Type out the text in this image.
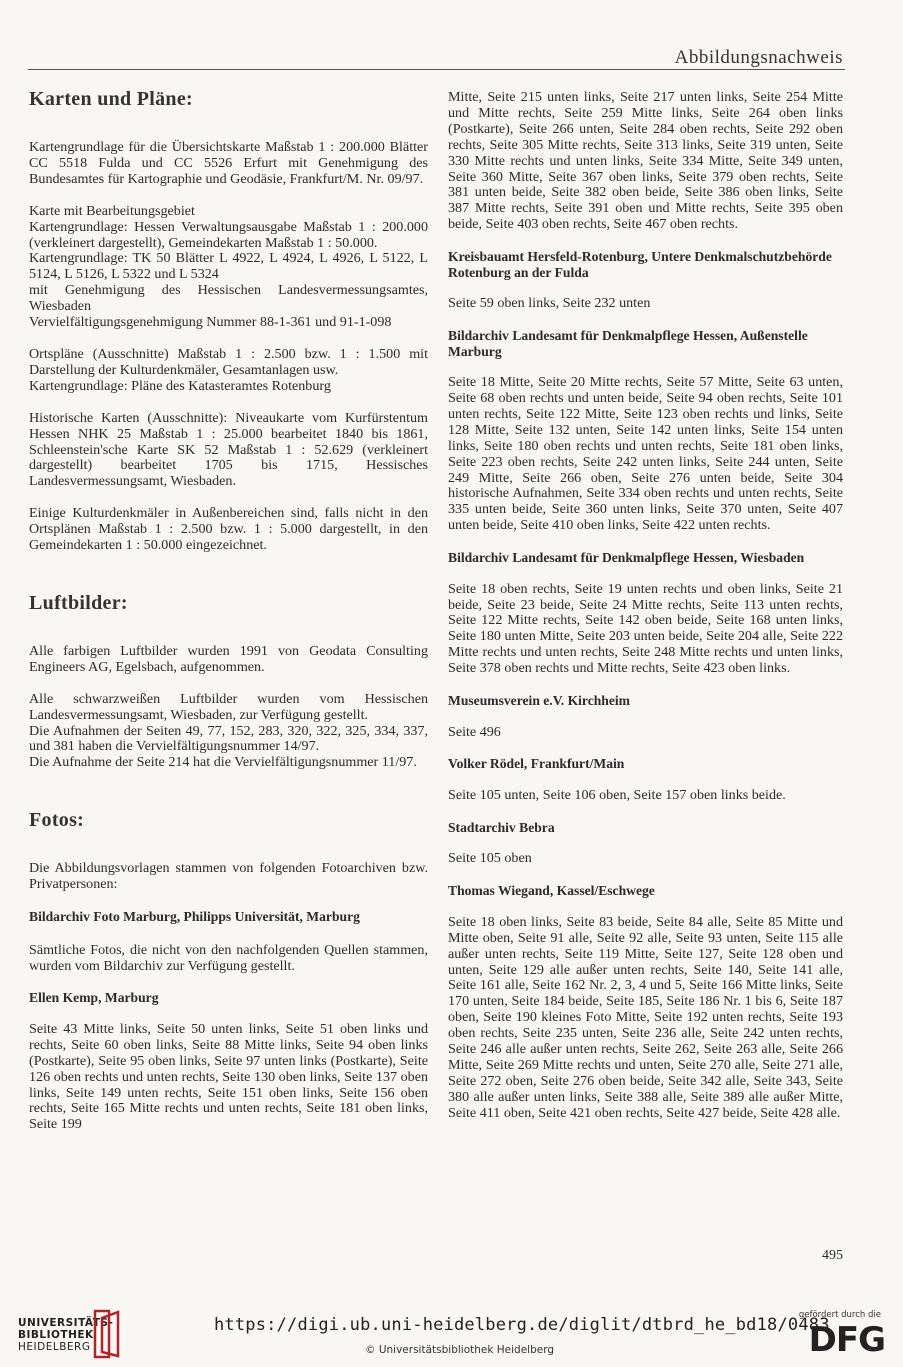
Abbildungsnachweis
Karten und Pläne:

Kartengrundlage für die Übersichtskarte Maßstab 1 : 200.000 Blätter CC 5518 Fulda und CC 5526 Erfurt mit Genehmigung des Bundesamtes für Kartographie und Geodäsie, Frankfurt/M. Nr. 09/97.

Karte mit Bearbeitungsgebiet

Kartengrundlage: Hessen Verwaltungsausgabe Maßstab 1 : 200.000 (verkleinert dargestellt), Gemeindekarten Maßstab 1 : 50.000.

Kartengrundlage: TK 50 Blätter L 4922, L 4924, L 4926, L 5122, L 5124, L 5126, L 5322 und L 5324

mit Genehmigung des Hessischen Landesvermessungsamtes, Wiesbaden

Vervielfältigungsgenehmigung Nummer 88-1-361 und 91-1-098

Ortspläne (Ausschnitte) Maßstab 1 : 2.500 bzw. 1 : 1.500 mit Darstellung der Kulturdenkmäler, Gesamtanlagen usw.

Kartengrundlage: Pläne des Katasteramtes Rotenburg

Historische Karten (Ausschnitte): Niveaukarte vom Kurfürstentum Hessen NHK 25 Maßstab 1 : 25.000 bearbeitet 1840 bis 1861, Schleenstein'sche Karte SK 52 Maßstab 1 : 52.629 (verkleinert dargestellt) bearbeitet 1705 bis 1715, Hessisches Landesvermessungsamt, Wiesbaden.

Einige Kulturdenkmäler in Außenbereichen sind, falls nicht in den Ortsplänen Maßstab 1 : 2.500 bzw. 1 : 5.000 dargestellt, in den Gemeindekarten 1 : 50.000 eingezeichnet.

Luftbilder:

Alle farbigen Luftbilder wurden 1991 von Geodata Consulting Engineers AG, Egelsbach, aufgenommen.

Alle schwarzweißen Luftbilder wurden vom Hessischen Landesvermessungsamt, Wiesbaden, zur Verfügung gestellt.

Die Aufnahmen der Seiten 49, 77, 152, 283, 320, 322, 325, 334, 337, und 381 haben die Vervielfältigungsnummer 14/97.

Die Aufnahme der Seite 214 hat die Vervielfältigungsnummer 11/97.

Fotos:

Die Abbildungsvorlagen stammen von folgenden Fotoarchiven bzw. Privatpersonen:

Bildarchiv Foto Marburg, Philipps Universität, Marburg

Sämtliche Fotos, die nicht von den nachfolgenden Quellen stammen, wurden vom Bildarchiv zur Verfügung gestellt.

Ellen Kemp, Marburg

Seite 43 Mitte links, Seite 50 unten links, Seite 51 oben links und rechts, Seite 60 oben links, Seite 88 Mitte links, Seite 94 oben links (Postkarte), Seite 95 oben links, Seite 97 unten links (Postkarte), Seite 126 oben rechts und unten rechts, Seite 130 oben links, Seite 137 oben links, Seite 149 unten rechts, Seite 151 oben links, Seite 156 oben rechts, Seite 165 Mitte rechts und unten rechts, Seite 181 oben links, Seite 199

Mitte, Seite 215 unten links, Seite 217 unten links, Seite 254 Mitte und Mitte rechts, Seite 259 Mitte links, Seite 264 oben links (Postkarte), Seite 266 unten, Seite 284 oben rechts, Seite 292 oben rechts, Seite 305 Mitte rechts, Seite 313 links, Seite 319 unten, Seite 330 Mitte rechts und unten links, Seite 334 Mitte, Seite 349 unten, Seite 360 Mitte, Seite 367 oben links, Seite 379 oben rechts, Seite 381 unten beide, Seite 382 oben beide, Seite 386 oben links, Seite 387 Mitte rechts, Seite 391 oben und Mitte rechts, Seite 395 oben beide, Seite 403 oben rechts, Seite 467 oben rechts.

Kreisbauamt Hersfeld-Rotenburg, Untere Denkmalschutzbehörde Rotenburg an der Fulda

Seite 59 oben links, Seite 232 unten

Bildarchiv Landesamt für Denkmalpflege Hessen, Außenstelle Marburg

Seite 18 Mitte, Seite 20 Mitte rechts, Seite 57 Mitte, Seite 63 unten, Seite 68 oben rechts und unten beide, Seite 94 oben rechts, Seite 101 unten rechts, Seite 122 Mitte, Seite 123 oben rechts und links, Seite 128 Mitte, Seite 132 unten, Seite 142 unten links, Seite 154 unten links, Seite 180 oben rechts und unten rechts, Seite 181 oben links, Seite 223 oben rechts, Seite 242 unten links, Seite 244 unten, Seite 249 Mitte, Seite 266 oben, Seite 276 unten beide, Seite 304 historische Aufnahmen, Seite 334 oben rechts und unten rechts, Seite 335 unten beide, Seite 360 unten links, Seite 370 unten, Seite 407 unten beide, Seite 410 oben links, Seite 422 unten rechts.

Bildarchiv Landesamt für Denkmalpflege Hessen, Wiesbaden

Seite 18 oben rechts, Seite 19 unten rechts und oben links, Seite 21 beide, Seite 23 beide, Seite 24 Mitte rechts, Seite 113 unten rechts, Seite 122 Mitte rechts, Seite 142 oben beide, Seite 168 unten links, Seite 180 unten Mitte, Seite 203 unten beide, Seite 204 alle, Seite 222 Mitte rechts und unten rechts, Seite 248 Mitte rechts und unten links, Seite 378 oben rechts und Mitte rechts, Seite 423 oben links.

Museumsverein e.V. Kirchheim

Seite 496

Volker Rödel, Frankfurt/Main

Seite 105 unten, Seite 106 oben, Seite 157 oben links beide.

Stadtarchiv Bebra

Seite 105 oben

Thomas Wiegand, Kassel/Eschwege

Seite 18 oben links, Seite 83 beide, Seite 84 alle, Seite 85 Mitte und Mitte oben, Seite 91 alle, Seite 92 alle, Seite 93 unten, Seite 115 alle außer unten rechts, Seite 119 Mitte, Seite 127, Seite 128 oben und unten, Seite 129 alle außer unten rechts, Seite 140, Seite 141 alle, Seite 161 alle, Seite 162 Nr. 2, 3, 4 und 5, Seite 166 Mitte links, Seite 170 unten, Seite 184 beide, Seite 185, Seite 186 Nr. 1 bis 6, Seite 187 oben, Seite 190 kleines Foto Mitte, Seite 192 unten rechts, Seite 193 oben rechts, Seite 235 unten, Seite 236 alle, Seite 242 unten rechts, Seite 246 alle außer unten rechts, Seite 262, Seite 263 alle, Seite 266 Mitte, Seite 269 Mitte rechts und unten, Seite 270 alle, Seite 271 alle, Seite 272 oben, Seite 276 oben beide, Seite 342 alle, Seite 343, Seite 380 alle außer unten links, Seite 388 alle, Seite 389 alle außer Mitte, Seite 411 oben, Seite 421 oben rechts, Seite 427 beide, Seite 428 alle.

495
UNIVERSITÄTS-
BIBLIOTHEK
HEIDELBERG
https://digi.ub.uni-heidelberg.de/diglit/dtbrd_he_bd18/0483
© Universitätsbibliothek Heidelberg
gefördert durch die
DFG
